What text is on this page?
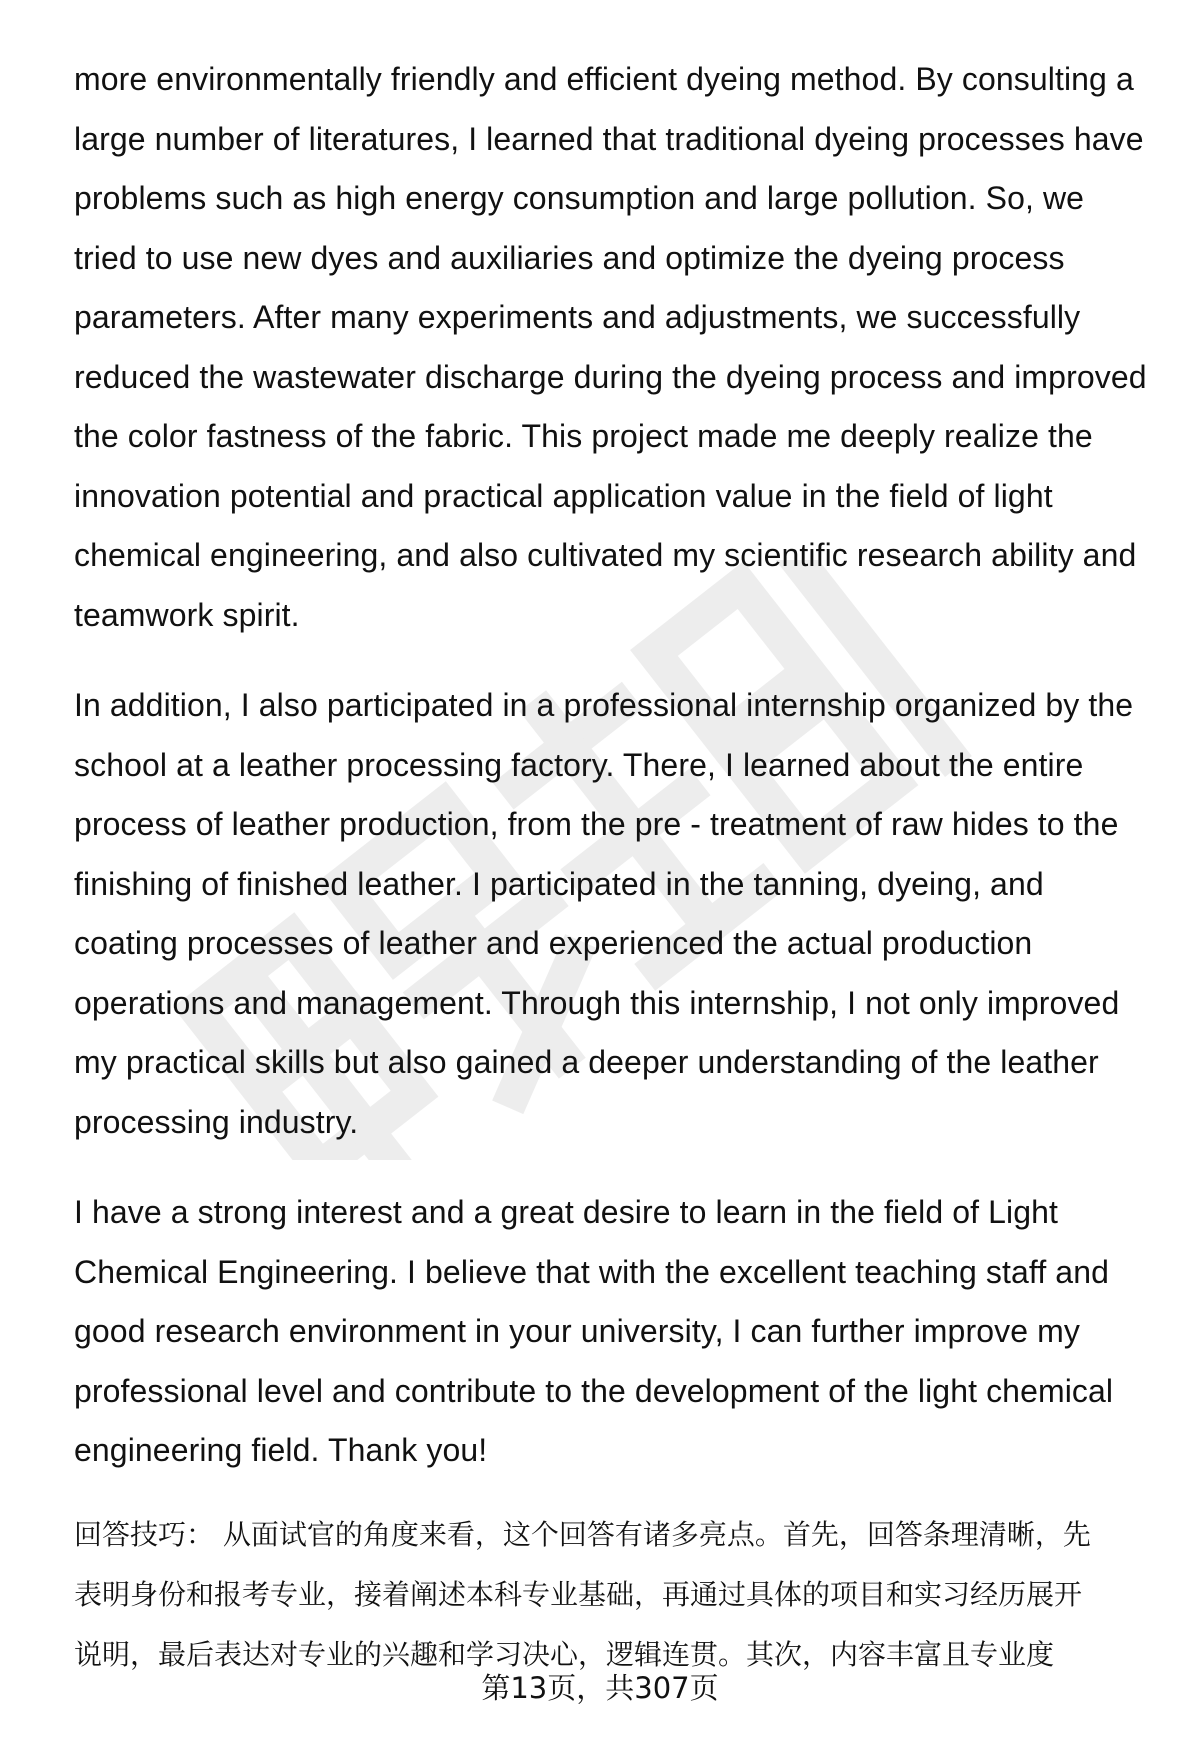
more environmentally friendly and efficient dyeing method. By consulting a
large number of literatures, I learned that traditional dyeing processes have
problems such as high energy consumption and large pollution. So, we
tried to use new dyes and auxiliaries and optimize the dyeing process
parameters. After many experiments and adjustments, we successfully
reduced the wastewater discharge during the dyeing process and improved
the color fastness of the fabric. This project made me deeply realize the
innovation potential and practical application value in the field of light
chemical engineering, and also cultivated my scientific research ability and
teamwork spirit.

In addition, I also participated in a professional internship organized by the
school at a leather processing factory. There, I learned about the entire
process of leather production, from the pre - treatment of raw hides to the
finishing of finished leather. I participated in the tanning, dyeing, and
coating processes of leather and experienced the actual production
operations and management. Through this internship, I not only improved
my practical skills but also gained a deeper understanding of the leather
processing industry.

I have a strong interest and a great desire to learn in the field of Light
Chemical Engineering. I believe that with the excellent teaching staff and
good research environment in your university, I can further improve my
professional level and contribute to the development of the light chemical
engineering field. Thank you!

回答技巧： 从面试官的角度来看，这个回答有诸多亮点。首先，回答条理清晰，先
表明身份和报考专业，接着阐述本科专业基础，再通过具体的项目和实习经历展开
说明，最后表达对专业的兴趣和学习决心，逻辑连贯。其次，内容丰富且专业度
第13页，共307页
